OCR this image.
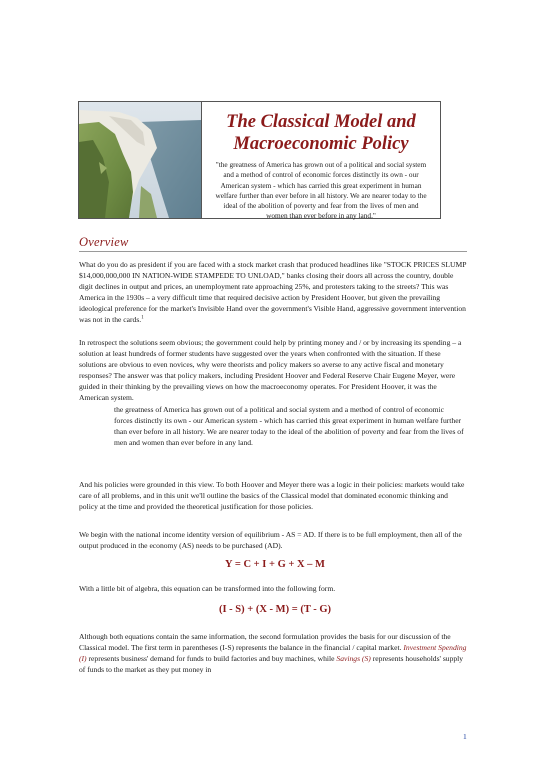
The Classical Model and Macroeconomic Policy
"the greatness of America has grown out of a political and social system and a method of control of economic forces distinctly its own - our American system - which has carried this great experiment in human welfare further than ever before in all history. We are nearer today to the ideal of the abolition of poverty and fear from the lives of men and women than ever before in any land."
Overview

What do you do as president if you are faced with a stock market crash that produced headlines like "STOCK PRICES SLUMP $14,000,000,000 IN NATION-WIDE STAMPEDE TO UNLOAD," banks closing their doors all across the country, double digit declines in output and prices, an unemployment rate approaching 25%, and protesters taking to the streets? This was America in the 1930s – a very difficult time that required decisive action by President Hoover, but given the prevailing ideological preference for the market's Invisible Hand over the government's Visible Hand, aggressive government intervention was not in the cards.$^1$

In retrospect the solutions seem obvious; the government could help by printing money and / or by increasing its spending – a solution at least hundreds of former students have suggested over the years when confronted with the situation. If these solutions are obvious to even novices, why were theorists and policy makers so averse to any active fiscal and monetary responses? The answer was that policy makers, including President Hoover and Federal Reserve Chair Eugene Meyer, were guided in their thinking by the prevailing views on how the macroeconomy operates. For President Hoover, it was the American system.

the greatness of America has grown out of a political and social system and a method of control of economic forces distinctly its own - our American system - which has carried this great experiment in human welfare further than ever before in all history. We are nearer today to the ideal of the abolition of poverty and fear from the lives of men and women than ever before in any land.

And his policies were grounded in this view. To both Hoover and Meyer there was a logic in their policies: markets would take care of all problems, and in this unit we'll outline the basics of the Classical model that dominated economic thinking and policy at the time and provided the theoretical justification for those policies.

We begin with the national income identity version of equilibrium - AS = AD. If there is to be full employment, then all of the output produced in the economy (AS) needs to be purchased (AD).

Y = C + I + G + X – M

With a little bit of algebra, this equation can be transformed into the following form.

(I - S) + (X - M) = (T - G)

Although both equations contain the same information, the second formulation provides the basis for our discussion of the Classical model. The first term in parentheses (I-S) represents the balance in the financial / capital market. Investment Spending (I) represents business' demand for funds to build factories and buy machines, while Savings (S) represents households' supply of funds to the market as they put money in

1
